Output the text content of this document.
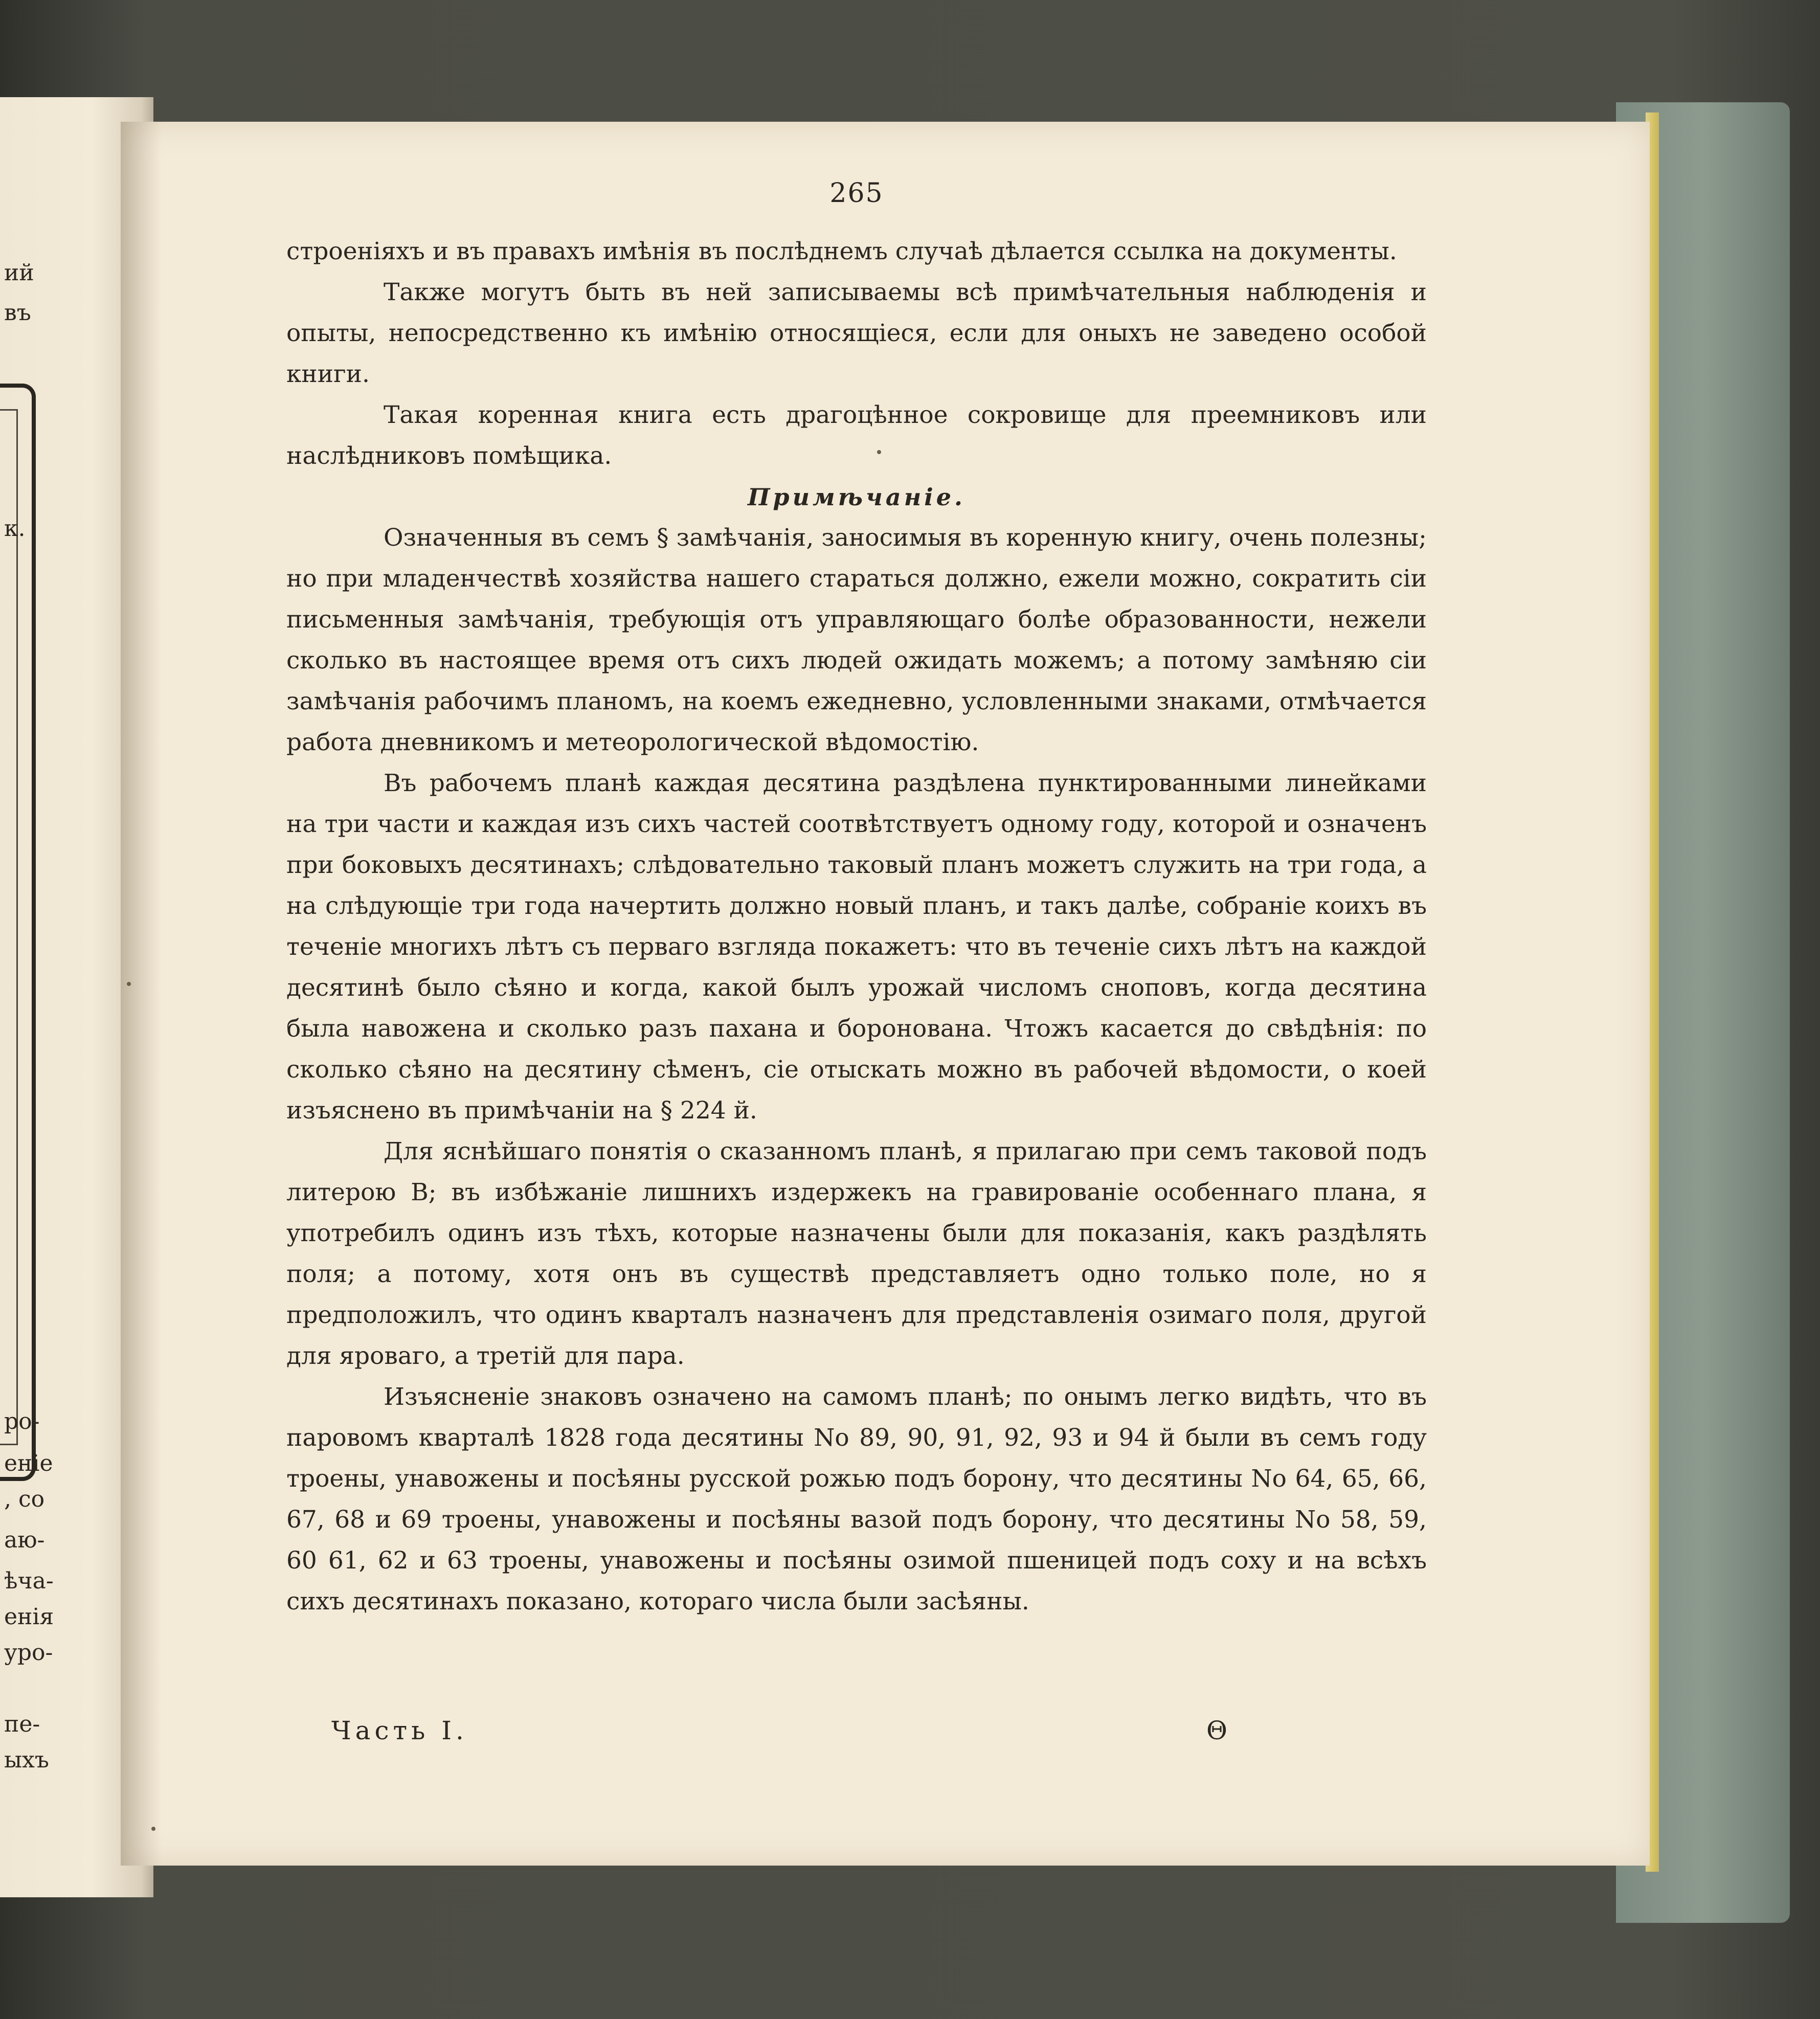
ий
въ
к.
ро-
еніе
, со
аю-
ѣча-
енія
уро-
пе-
ыхъ
265

строеніяхъ и въ правахъ имѣнія въ послѣднемъ случаѣ дѣлается ссылка на документы.

Также могутъ быть въ ней записываемы всѣ примѣчательныя наблюденія и опыты, непосредственно къ имѣнію относящіеся, если для оныхъ не заведено особой книги.

Такая коренная книга есть драгоцѣнное сокровище для преемниковъ или наслѣдниковъ помѣщика.

Примѣчаніе.

Означенныя въ семъ § замѣчанія, заносимыя въ коренную книгу, очень полезны; но при младенчествѣ хозяйства нашего стараться должно, ежели можно, сократить сіи письменныя замѣчанія, требующія отъ управляющаго болѣе образованности, нежели сколько въ настоящее время отъ сихъ людей ожидать можемъ; а потому замѣняю сіи замѣчанія рабочимъ планомъ, на коемъ ежедневно, условленными знаками, отмѣчается работа дневникомъ и метеорологической вѣдомостію.

Въ рабочемъ планѣ каждая десятина раздѣлена пунктированными линейками на три части и каждая изъ сихъ частей соотвѣтствуетъ одному году, которой и означенъ при боковыхъ десятинахъ; слѣдовательно таковый планъ можетъ служить на три года, а на слѣдующіе три года начертить должно новый планъ, и такъ далѣе, собраніе коихъ въ теченіе многихъ лѣтъ съ перваго взгляда покажетъ: что въ теченіе сихъ лѣтъ на каждой десятинѣ было сѣяно и когда, какой былъ урожай числомъ сноповъ, когда десятина была навожена и сколько разъ пахана и боронована. Чтожъ касается до свѣдѣнія: по сколько сѣяно на десятину сѣменъ, сіе отыскать можно въ рабочей вѣдомости, о коей изъяснено въ примѣчаніи на § 224 й.

Для яснѣйшаго понятія о сказанномъ планѣ, я прилагаю при семъ таковой подъ литерою В; въ избѣжаніе лишнихъ издержекъ на гравированіе особеннаго плана, я употребилъ одинъ изъ тѣхъ, которые назначены были для показанія, какъ раздѣлять поля; а потому, хотя онъ въ существѣ представляетъ одно только поле, но я предположилъ, что одинъ кварталъ назначенъ для представленія озимаго поля, другой для яроваго, а третій для пара.

Изъясненіе знаковъ означено на самомъ планѣ; по онымъ легко видѣть, что въ паровомъ кварталѣ 1828 года десятины No 89, 90, 91, 92, 93 и 94 й были въ семъ году троены, унавожены и посѣяны русской рожью подъ борону, что десятины No 64, 65, 66, 67, 68 и 69 троены, унавожены и посѣяны вазой подъ борону, что десятины No 58, 59, 60 61, 62 и 63 троены, унавожены и посѣяны озимой пшеницей подъ соху и на всѣхъ сихъ десятинахъ показано, котораго числа были засѣяны.

Часть I.	Θ
